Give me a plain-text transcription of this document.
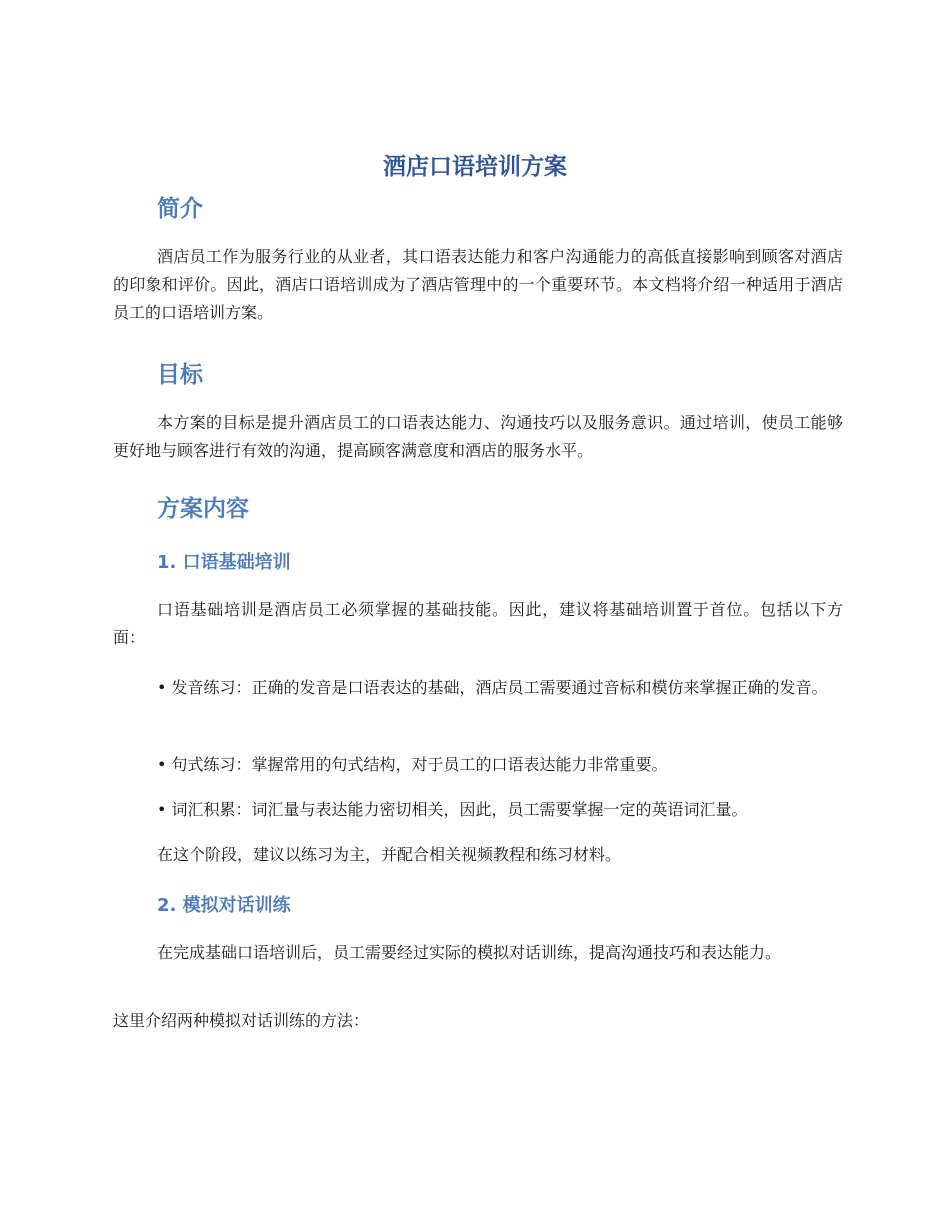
酒店口语培训方案
简介

酒店员工作为服务行业的从业者，其口语表达能力和客户沟通能力的高低直接影响到顾客对酒店的印象和评价。因此，酒店口语培训成为了酒店管理中的一个重要环节。本文档将介绍一种适用于酒店员工的口语培训方案。

目标

本方案的目标是提升酒店员工的口语表达能力、沟通技巧以及服务意识。通过培训，使员工能够更好地与顾客进行有效的沟通，提高顾客满意度和酒店的服务水平。

方案内容
1. 口语基础培训

口语基础培训是酒店员工必须掌握的基础技能。因此，建议将基础培训置于首位。包括以下方面：

• 发音练习：正确的发音是口语表达的基础，酒店员工需要通过音标和模仿来掌握正确的发音。

• 句式练习：掌握常用的句式结构，对于员工的口语表达能力非常重要。

• 词汇积累：词汇量与表达能力密切相关，因此，员工需要掌握一定的英语词汇量。

在这个阶段，建议以练习为主，并配合相关视频教程和练习材料。

2. 模拟对话训练

在完成基础口语培训后，员工需要经过实际的模拟对话训练，提高沟通技巧和表达能力。

这里介绍两种模拟对话训练的方法：
